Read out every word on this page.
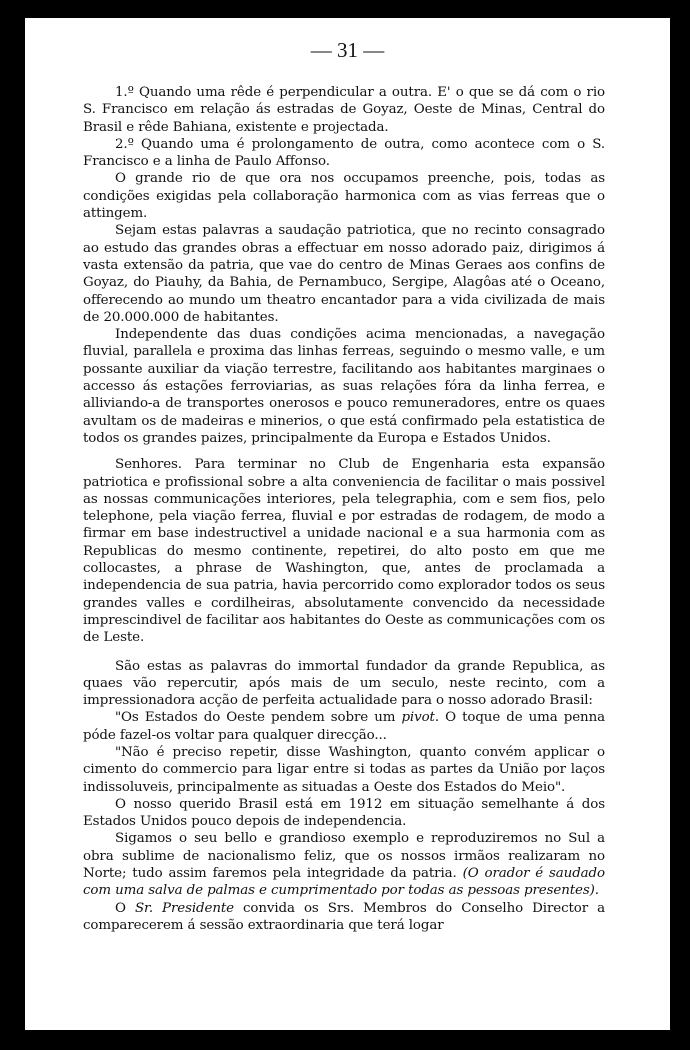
— 31 —

1.º Quando uma rêde é perpendicular a outra. E' o que se dá com o rio S. Francisco em relação ás estradas de Goyaz, Oeste de Minas, Central do Brasil e rêde Bahiana, existente e projectada.

2.º Quando uma é prolongamento de outra, como acontece com o S. Francisco e a linha de Paulo Affonso.

O grande rio de que ora nos occupamos preenche, pois, todas as condições exigidas pela collaboração harmonica com as vias ferreas que o attingem.

Sejam estas palavras a saudação patriotica, que no recinto consagrado ao estudo das grandes obras a effectuar em nosso adorado paiz, dirigimos á vasta extensão da patria, que vae do centro de Minas Geraes aos confins de Goyaz, do Piauhy, da Bahia, de Pernambuco, Sergipe, Alagôas até o Oceano, offerecendo ao mundo um theatro encantador para a vida civilizada de mais de 20.000.000 de habitantes.

Independente das duas condições acima mencionadas, a navegação fluvial, parallela e proxima das linhas ferreas, seguindo o mesmo valle, e um possante auxiliar da viação terrestre, facilitando aos habitantes marginaes o accesso ás estações ferroviarias, as suas relações fóra da linha ferrea, e alliviando-a de transportes onerosos e pouco remuneradores, entre os quaes avultam os de madeiras e minerios, o que está confirmado pela estatistica de todos os grandes paizes, principalmente da Europa e Estados Unidos.

Senhores. Para terminar no Club de Engenharia esta expansão patriotica e profissional sobre a alta conveniencia de facilitar o mais possivel as nossas communicações interiores, pela telegraphia, com e sem fios, pelo telephone, pela viação ferrea, fluvial e por estradas de rodagem, de modo a firmar em base indestructivel a unidade nacional e a sua harmonia com as Republicas do mesmo continente, repetirei, do alto posto em que me collocastes, a phrase de Washington, que, antes de proclamada a independencia de sua patria, havia percorrido como explorador todos os seus grandes valles e cordilheiras, absolutamente convencido da necessidade imprescindivel de facilitar aos habitantes do Oeste as communicações com os de Leste.

São estas as palavras do immortal fundador da grande Republica, as quaes vão repercutir, após mais de um seculo, neste recinto, com a impressionadora acção de perfeita actualidade para o nosso adorado Brasil:

"Os Estados do Oeste pendem sobre um pivot. O toque de uma penna póde fazel-os voltar para qualquer direcção...

"Não é preciso repetir, disse Washington, quanto convém applicar o cimento do commercio para ligar entre si todas as partes da União por laços indissoluveis, principalmente as situadas a Oeste dos Estados do Meio".

O nosso querido Brasil está em 1912 em situação semelhante á dos Estados Unidos pouco depois de independencia.

Sigamos o seu bello e grandioso exemplo e reproduziremos no Sul a obra sublime de nacionalismo feliz, que os nossos irmãos realizaram no Norte; tudo assim faremos pela integridade da patria. (O orador é saudado com uma salva de palmas e cumprimentado por todas as pessoas presentes).

O Sr. Presidente convida os Srs. Membros do Conselho Director a comparecerem á sessão extraordinaria que terá logar
